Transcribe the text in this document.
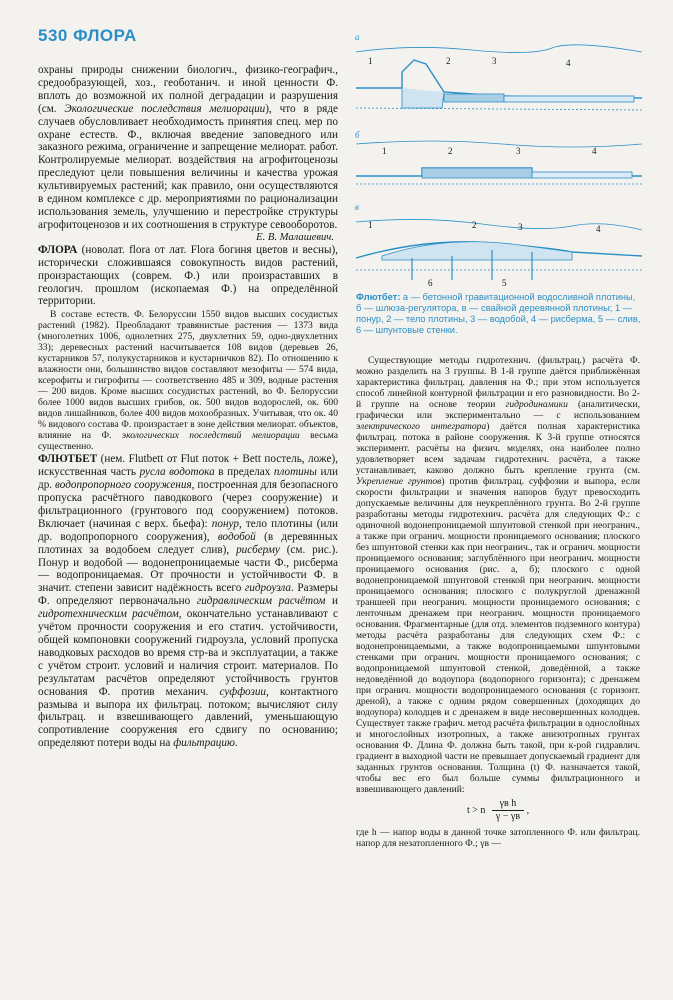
530 ФЛОРА

охраны природы снижении биологич., физико-географич., средообразующей, хоз., геоботанич. и иной ценности Ф. вплоть до возможной их полной деградации и разрушения (см. Экологические последствия мелиорации), что в ряде случаев обусловливает необходимость принятия спец. мер по охране естеств. Ф., включая введение заповедного или заказного режима, ограничение и запрещение мелиорат. работ. Контролируемые мелиорат. воздействия на агрофитоценозы преследуют цели повышения величины и качества урожая культивируемых растений; как правило, они осуществляются в едином комплексе с др. мероприятиями по рационализации использования земель, улучшению и перестройке структуры агрофитоценозов и их соотношения в структуре севооборотов.

Е. В. Малашевич.

ФЛОРА (новолат. flora от лат. Flora богиня цветов и весны), исторически сложившаяся совокупность видов растений, произрастающих (соврем. Ф.) или произраставших в геологич. прошлом (ископаемая Ф.) на определённой территории.

В составе естеств. Ф. Белоруссии 1550 видов высших сосудистых растений (1982). Преобладают травянистые растения — 1373 вида (многолетних 1006, однолетних 275, двухлетних 59, одно-двухлетних 33); деревесных растений насчитывается 108 видов (деревьев 26, кустарников 57, полукустарников и кустарничков 82). По отношению к влажности они, большинство видов составляют мезофиты — 574 вида, ксерофиты и гигрофиты — соответственно 485 и 309, водные растения — 200 видов. Кроме высших сосудистых растений, во Ф. Белоруссии более 1000 видов высших грибов, ок. 500 видов водорослей, ок. 600 видов лишайников, более 400 видов мохообразных. Учитывая, что ок. 40 % видового состава Ф. произрастает в зоне действия мелиорат. объектов, влияние на Ф. экологических последствий мелиорации весьма существенно.

ФЛЮТБЕТ (нем. Flutbett от Flut поток + Bett постель, ложе), искусственная часть русла водотока в пределах плотины или др. водопропорного сооружения, построенная для безопасного пропуска расчётного паводкового (через сооружение) и фильтрационного (грунтового под сооружением) потоков. Включает (начиная с верх. бьефа): понур, тело плотины (или др. водопропорного сооружения), водобой (в деревянных плотинах за водобоем следует слив), рисберму (см. рис.). Понур и водобой — водонепроницаемые части Ф., рисберма — водопроницаемая. От прочности и устойчивости Ф. в значит. степени зависит надёжность всего гидроузла. Размеры Ф. определяют первоначально гидравлическим расчётом и гидротехническим расчётом, окончательно устанавливают с учётом прочности сооружения и его статич. устойчивости, общей компоновки сооружений гидроузла, условий пропуска наводковых расходов во время стр-ва и эксплуатации, а также с учётом строит. условий и наличия строит. материалов. По результатам расчётов определяют устойчивость грунтов основания Ф. против механич. суффозии, контактного размыва и выпора их фильтрац. потоком; вычисляют силу фильтрац. и взвешивающего давлений, уменьшающую сопротивление сооружения его сдвигу по основанию; определяют потери воды на фильтрацию.

а
1	2	3	4
б
1	2	3	4
в
1	2	3	4
5
6

Флютбет: а — бетонной гравитационной водосливной плотины, б — шлюза-регулятора, в — свайной деревянной плотины; 1 — понур, 2 — тело плотины, 3 — водобой, 4 — рисберма, 5 — слив, 6 — шпунтовые стенки.

Существующие методы гидротехнич. (фильтрац.) расчёта Ф. можно разделить на 3 группы. В 1-й группе даётся приближённая характеристика фильтрац. давления на Ф.; при этом используется способ линейной контурной фильтрации и его разновидности. Во 2-й группе на основе теории гидродинамики (аналитически, графически или экспериментально — с использованием электрического интегратора) даётся полная характеристика фильтрац. потока в районе сооружения. К 3-й группе относятся эксперимент. расчёты на физич. моделях, она наиболее полно удовлетворяет всем задачам гидротехнич. расчёта, а также устанавливает, каково должно быть крепление грунта (см. Укрепление грунтов) против фильтрац. суффозии и выпора, если скорости фильтрации и значения напоров будут превосходить допускаемые величины для неукреплённого грунта. Во 2-й группе разработаны методы гидротехнич. расчёта для следующих Ф.: с одиночной водонепроницаемой шпунтовой стенкой при неогранич., а также при огранич. мощности проницаемого основания; плоского без шпунтовой стенки как при неогранич., так и огранич. мощности проницаемого основания; заглублённого при неогранич. мощности проницаемого основания (рис. а, б); плоского с одной водонепроницаемой шпунтовой стенкой при неогранич. мощности проницаемого основания; плоского с полукруглой дренажной траншеей при неогранич. мощности проницаемого основания; с ленточным дренажем при неогранич. мощности проницаемого основания. Фрагментарные (для отд. элементов подземного контура) методы расчёта разработаны для следующих схем Ф.: с водонепроницаемыми, а также водопроницаемыми шпунтовыми стенками при огранич. мощности проницаемого основания; с водопроницаемой шпунтовой стенкой, доведённой, а также недоведённой до водоупора (водопорного горизонта); с дренажем при огранич. мощности водопроницаемого основания (с горизонт. дреной), а также с одним рядом совершенных (доходящих до водоупора) колодцев и с дренажем в виде несовершенных колодцев. Существует также графич. метод расчёта фильтрации в однослойных и многослойных изотропных, а также анизотропных грунтах основания Ф. Длина Ф. должна быть такой, при к-рой гидравлич. градиент в выходной части не превышает допускаемый градиент для заданных грунтов основания. Толщина (t) Ф. назначается такой, чтобы вес его был больше суммы фильтрационного и взвешивающего давлений:

t > n $\frac{\text{γв h}}{\gamma - \gamma в}$ ,

где h — напор воды в данной точке затопленного Ф. или фильтрац. напор для незатопленного Ф.; γв —
